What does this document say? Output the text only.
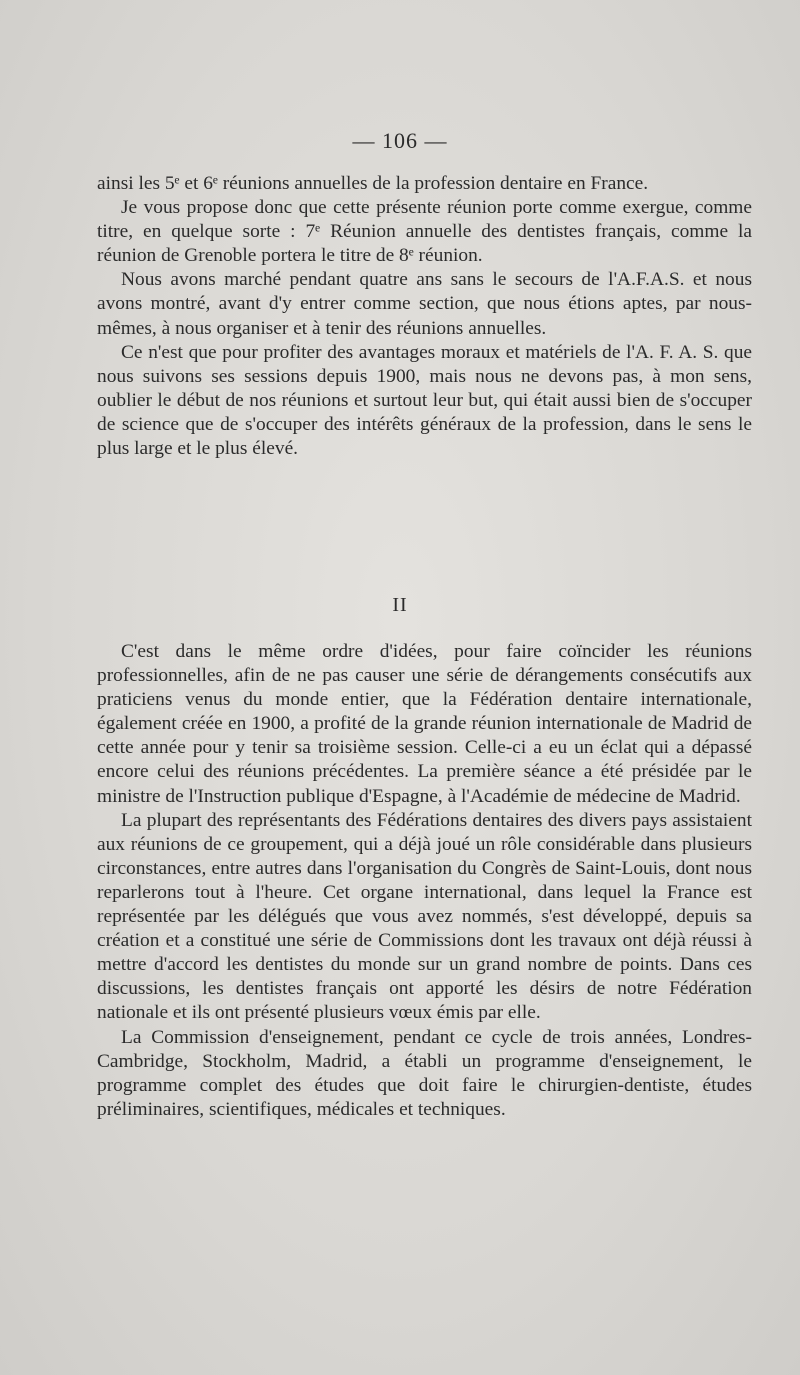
— 106 —

ainsi les 5ᵉ et 6ᵉ réunions annuelles de la profession dentaire en France.

Je vous propose donc que cette présente réunion porte comme exergue, comme titre, en quelque sorte : 7ᵉ Réunion annuelle des dentistes français, comme la réunion de Grenoble portera le titre de 8ᵉ réunion.

Nous avons marché pendant quatre ans sans le secours de l'A.F.A.S. et nous avons montré, avant d'y entrer comme section, que nous étions aptes, par nous-mêmes, à nous organiser et à tenir des réunions annuelles.

Ce n'est que pour profiter des avantages moraux et matériels de l'A. F. A. S. que nous suivons ses sessions depuis 1900, mais nous ne devons pas, à mon sens, oublier le début de nos réunions et surtout leur but, qui était aussi bien de s'occuper de science que de s'occuper des intérêts généraux de la profession, dans le sens le plus large et le plus élevé.

II

C'est dans le même ordre d'idées, pour faire coïncider les réunions professionnelles, afin de ne pas causer une série de dérangements consécutifs aux praticiens venus du monde entier, que la Fédération dentaire internationale, également créée en 1900, a profité de la grande réunion internationale de Madrid de cette année pour y tenir sa troisième session. Celle-ci a eu un éclat qui a dépassé encore celui des réunions précédentes. La première séance a été présidée par le ministre de l'Instruction publique d'Espagne, à l'Académie de médecine de Madrid.

La plupart des représentants des Fédérations dentaires des divers pays assistaient aux réunions de ce groupement, qui a déjà joué un rôle considérable dans plusieurs circonstances, entre autres dans l'organisation du Congrès de Saint-Louis, dont nous reparlerons tout à l'heure. Cet organe international, dans lequel la France est représentée par les délégués que vous avez nommés, s'est développé, depuis sa création et a constitué une série de Commissions dont les travaux ont déjà réussi à mettre d'accord les dentistes du monde sur un grand nombre de points. Dans ces discussions, les dentistes français ont apporté les désirs de notre Fédération nationale et ils ont présenté plusieurs vœux émis par elle.

La Commission d'enseignement, pendant ce cycle de trois années, Londres-Cambridge, Stockholm, Madrid, a établi un programme d'enseignement, le programme complet des études que doit faire le chirurgien-dentiste, études préliminaires, scientifiques, médicales et techniques.
